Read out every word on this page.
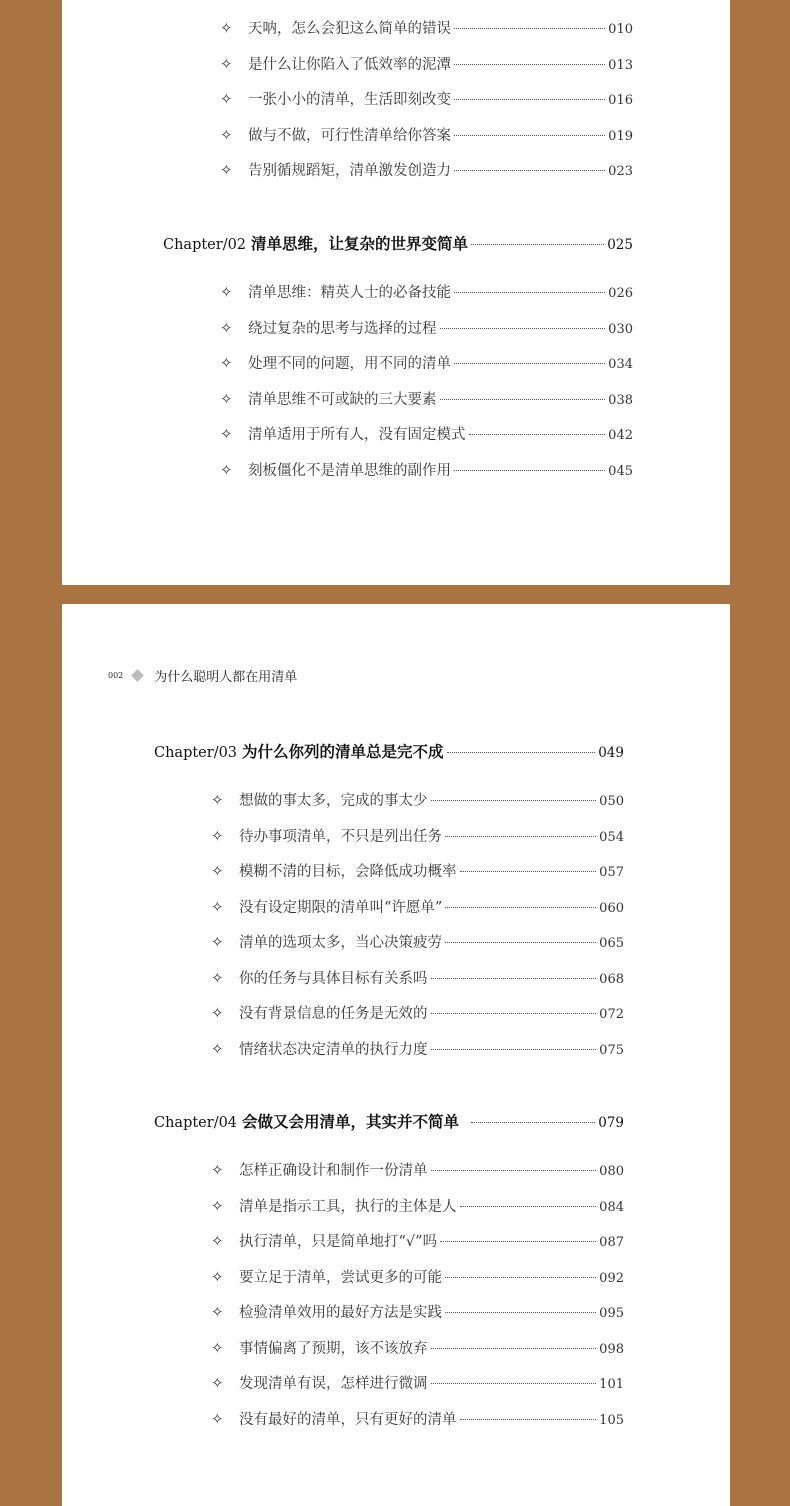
✧	天呐，怎么会犯这么简单的错误	010
✧	是什么让你陷入了低效率的泥潭	013
✧	一张小小的清单，生活即刻改变	016
✧	做与不做，可行性清单给你答案	019
✧	告别循规蹈矩，清单激发创造力	023
Chapter/02 清单思维，让复杂的世界变简单	025
✧	清单思维：精英人士的必备技能	026
✧	绕过复杂的思考与选择的过程	030
✧	处理不同的问题，用不同的清单	034
✧	清单思维不可或缺的三大要素	038
✧	清单适用于所有人，没有固定模式	042
✧	刻板僵化不是清单思维的副作用	045
002 为什么聪明人都在用清单
Chapter/03 为什么你列的清单总是完不成	049
✧	想做的事太多，完成的事太少	050
✧	待办事项清单，不只是列出任务	054
✧	模糊不清的目标，会降低成功概率	057
✧	没有设定期限的清单叫“许愿单”	060
✧	清单的选项太多，当心决策疲劳	065
✧	你的任务与具体目标有关系吗	068
✧	没有背景信息的任务是无效的	072
✧	情绪状态决定清单的执行力度	075
Chapter/04 会做又会用清单，其实并不简单	079
✧	怎样正确设计和制作一份清单	080
✧	清单是指示工具，执行的主体是人	084
✧	执行清单，只是简单地打“√”吗	087
✧	要立足于清单，尝试更多的可能	092
✧	检验清单效用的最好方法是实践	095
✧	事情偏离了预期，该不该放弃	098
✧	发现清单有误，怎样进行微调	101
✧	没有最好的清单，只有更好的清单	105
